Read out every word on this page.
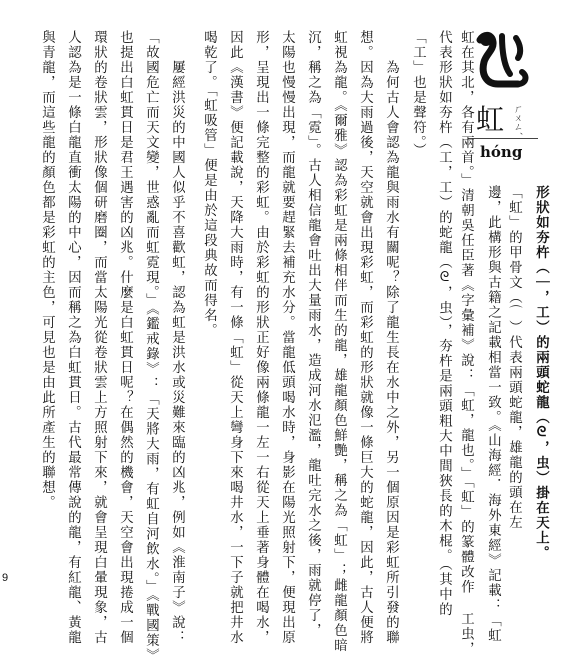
虹 ㄏㄨㄥˊ
hóng
形狀如夯杵（｜，工）的兩頭蛇龍（ᘓ，虫）掛在天上。
「虹」的甲骨文（⌒）代表兩頭蛇龍，雄龍的頭在左
邊，此構形與古籍之記載相當一致。《山海經．海外東經》記載：「虹
虹在其北，各有兩首。」清朝吳任臣著《字彙補》說：「虹，龍也。」「虹」的篆體改作 工虫，
代表形狀如夯杵（工，工）的蛇龍（ᘓ，虫），夯杵是兩頭粗大中間狹長的木棍。（其中的
「工」也是聲符。）
　　為何古人會認為龍與雨水有關呢？除了龍生長在水中之外，另一個原因是彩虹所引發的聯
想。因為大雨過後，天空就會出現彩虹，而彩虹的形狀就像一條巨大的蛇龍，因此，古人便將
虹視為龍。《爾雅》認為彩虹是兩條相伴而生的龍，雄龍顏色鮮艷，稱之為「虹」；雌龍顏色暗
沉，稱之為「霓」。古人相信龍會吐出大量雨水，造成河水氾濫，龍吐完水之後，雨就停了，
太陽也慢慢出現，而龍就要趕緊去補充水分。當龍低頭喝水時，身影在陽光照射下，便現出原
形，呈現出一條完整的彩虹。由於彩虹的形狀正好像兩條龍一左一右從天上垂著身體在喝水，
因此《漢書》便記載說，天降大雨時，有一條「虹」從天上彎身下來喝井水，一下子就把井水
喝乾了。「虹吸管」便是由於這段典故而得名。
　　屢經洪災的中國人似乎不喜歡虹，認為虹是洪水或災難來臨的凶兆，例如《淮南子》說：
「故國危亡而天文變，世惑亂而虹霓現。」《鑑戒錄》：「天將大雨，有虹自河飲水。」《戰國策》
也提出白虹貫日是君王遇害的凶兆。什麼是白虹貫日呢？在偶然的機會，天空會出現捲成一個
環狀的卷狀雲，形狀像個研磨圈，而當太陽光從卷狀雲上方照射下來，就會呈現白暈現象，古
人認為是一條白龍直衝太陽的中心，因而稱之為白虹貫日。古代最常傳說的龍，有紅龍、黃龍
與青龍，而這些龍的顏色都是彩虹的主色，可見也是由此所產生的聯想。
9
